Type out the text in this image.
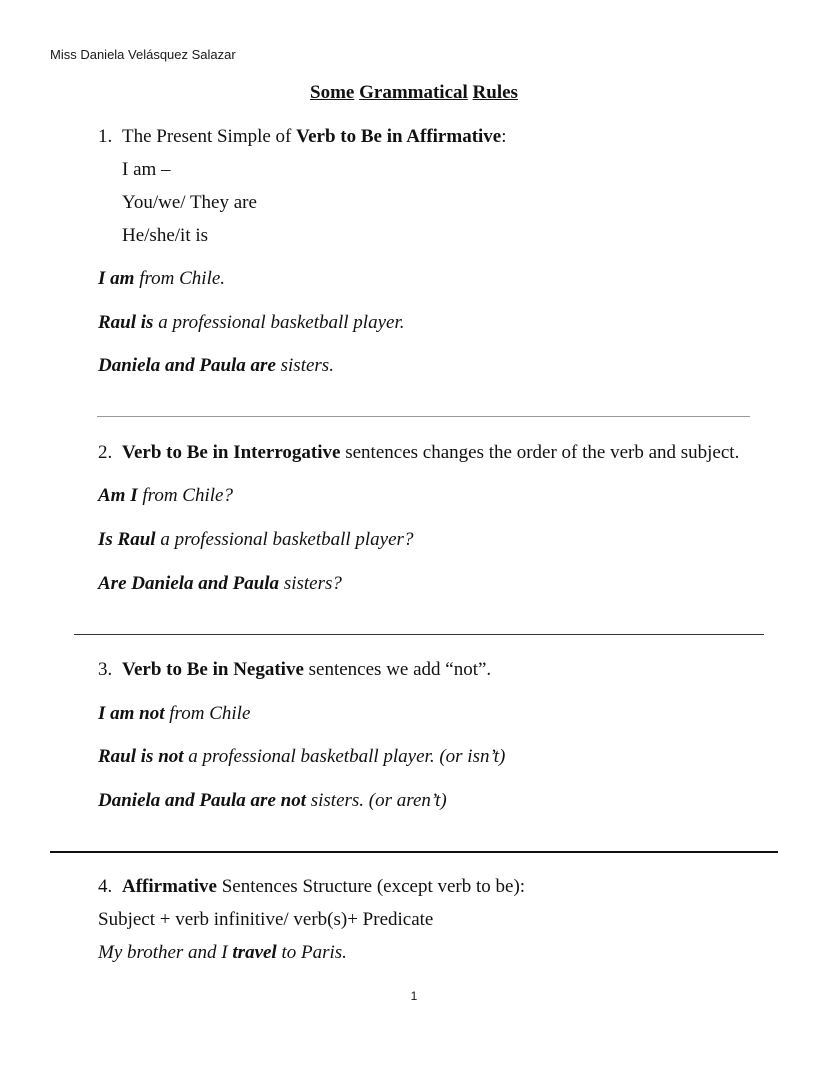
Miss Daniela Velásquez Salazar
Some Grammatical Rules
1. The Present Simple of Verb to Be in Affirmative:
I am –
You/we/ They are
He/she/it is
I am from Chile.
Raul is a professional basketball player.
Daniela and Paula are sisters.
2. Verb to Be in Interrogative sentences changes the order of the verb and subject.
Am I from Chile?
Is Raul a professional basketball player?
Are Daniela and Paula sisters?
3. Verb to Be in Negative sentences we add “not”.
I am not from Chile
Raul is not a professional basketball player. (or isn’t)
Daniela and Paula are not sisters. (or aren’t)
4. Affirmative Sentences Structure (except verb to be):
Subject + verb infinitive/ verb(s)+ Predicate
My brother and I travel to Paris.
1
